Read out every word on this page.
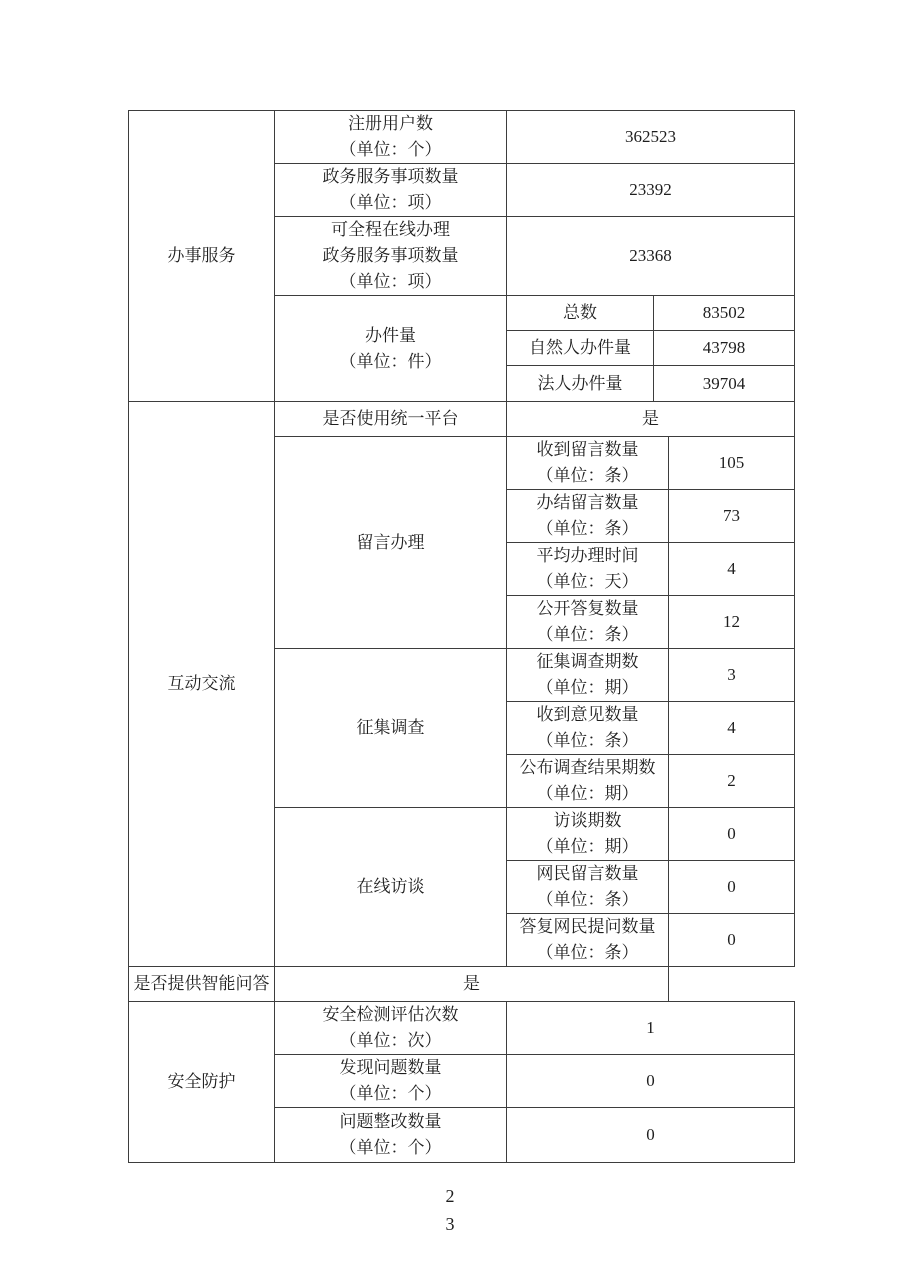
办事服务	注册用户数
（单位：个）	362523		

	政务服务事项数量
（单位：项）	23392		

	可全程在线办理
政务服务事项数量
（单位：项）	23368		

	办件量
（单位：件）	总数	83502	

		自然人办件量	43798	

		法人办件量	39704	

互动交流	是否使用统一平台	是		

	留言办理	收到留言数量
（单位：条）		105

		办结留言数量
（单位：条）		73

		平均办理时间
（单位：天）		4

		公开答复数量
（单位：条）		12

	征集调查	征集调查期数
（单位：期）		3

		收到意见数量
（单位：条）		4

		公布调查结果期数
（单位：期）		2

	在线访谈	访谈期数
（单位：期）		0

		网民留言数量
（单位：条）		0

		答复网民提问数量
（单位：条）		0

是否提供智能问答	是			

安全防护	安全检测评估次数
（单位：次）	1		

	发现问题数量
（单位：个）	0		

	问题整改数量
（单位：个）	0		
2
3
